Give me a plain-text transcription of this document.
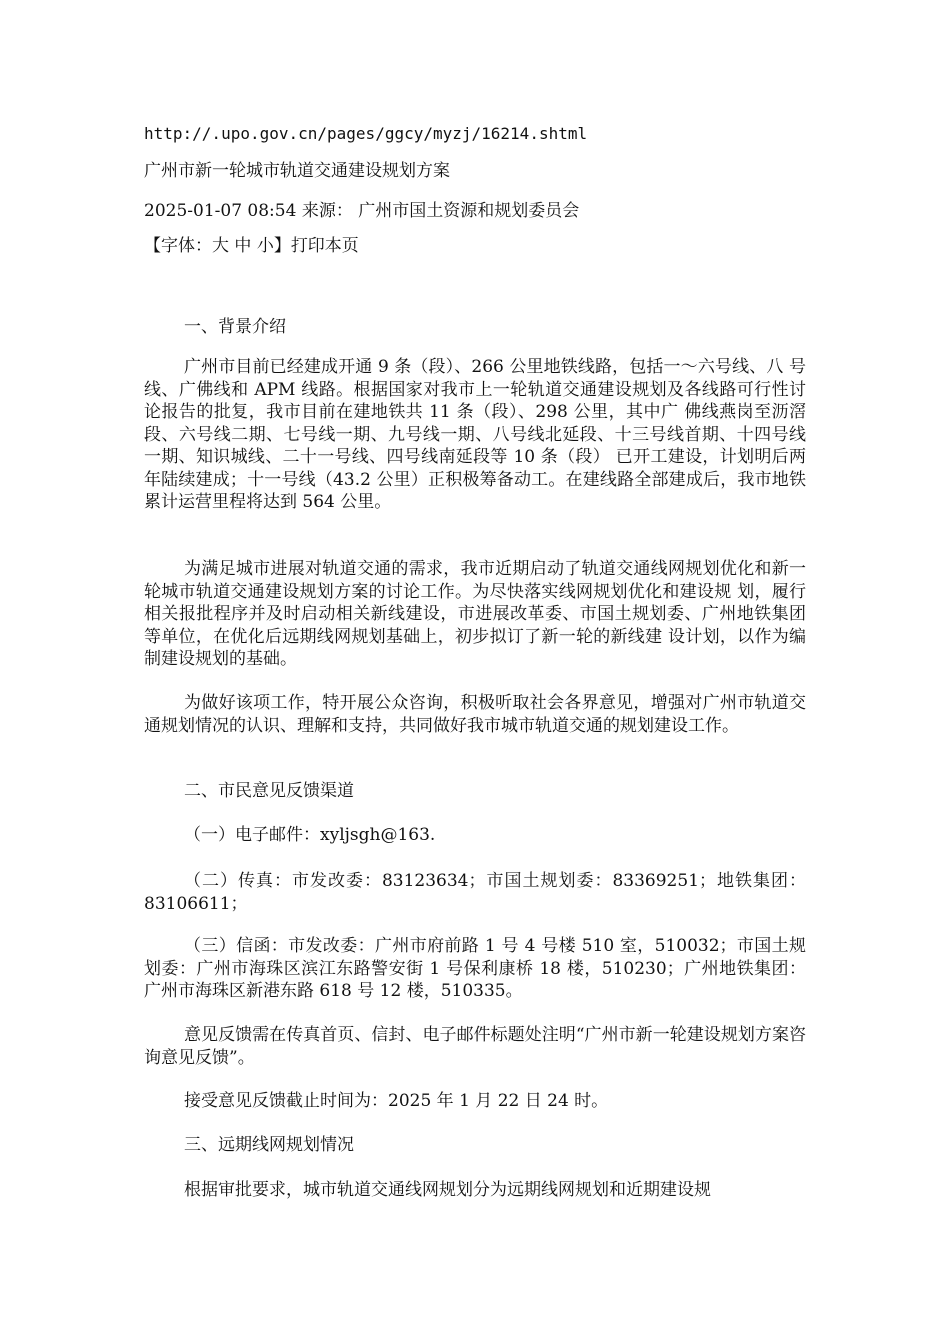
http://.upo.gov.cn/pages/ggcy/myzj/16214.shtml
广州市新一轮城市轨道交通建设规划方案
2025-01-07 08:54 来源： 广州市国土资源和规划委员会
【字体：大 中 小】打印本页
一、背景介绍
广州市目前已经建成开通 9 条（段）、266 公里地铁线路，包括一～六号线、八 号线、广佛线和 APM 线路。根据国家对我市上一轮轨道交通建设规划及各线路可行性讨论报告的批复，我市目前在建地铁共 11 条（段）、298 公里，其中广 佛线燕岗至沥滘段、六号线二期、七号线一期、九号线一期、八号线北延段、十三号线首期、十四号线一期、知识城线、二十一号线、四号线南延段等 10 条（段） 已开工建设，计划明后两年陆续建成；十一号线（43.2 公里）正积极筹备动工。在建线路全部建成后，我市地铁累计运营里程将达到 564 公里。
为满足城市进展对轨道交通的需求，我市近期启动了轨道交通线网规划优化和新一轮城市轨道交通建设规划方案的讨论工作。为尽快落实线网规划优化和建设规 划，履行相关报批程序并及时启动相关新线建设，市进展改革委、市国土规划委、广州地铁集团等单位，在优化后远期线网规划基础上，初步拟订了新一轮的新线建 设计划，以作为编制建设规划的基础。
为做好该项工作，特开展公众咨询，积极听取社会各界意见，增强对广州市轨道交通规划情况的认识、理解和支持，共同做好我市城市轨道交通的规划建设工作。
二、市民意见反馈渠道
（一）电子邮件：xyljsgh@163.
（二）传真：市发改委：83123634；市国土规划委：83369251；地铁集团：83106611；
（三）信函：市发改委：广州市府前路 1 号 4 号楼 510 室，510032；市国土规划委：广州市海珠区滨江东路警安街 1 号保利康桥 18 楼，510230；广州地铁集团：广州市海珠区新港东路 618 号 12 楼，510335。
意见反馈需在传真首页、信封、电子邮件标题处注明“广州市新一轮建设规划方案咨询意见反馈”。
接受意见反馈截止时间为：2025 年 1 月 22 日 24 时。
三、远期线网规划情况
根据审批要求，城市轨道交通线网规划分为远期线网规划和近期建设规
